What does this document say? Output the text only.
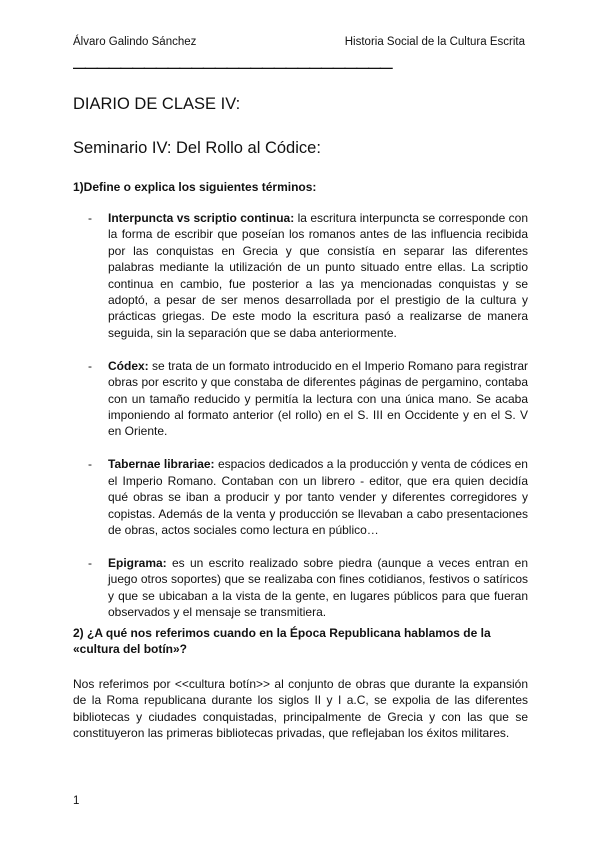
Álvaro Galindo Sánchez	Historia Social de la Cultura Escrita
———————————————————————————
DIARIO DE CLASE IV:
Seminario IV: Del Rollo al Códice:

1)Define o explica los siguientes términos:

- Interpuncta vs scriptio continua: la escritura interpuncta se corresponde con la forma de escribir que poseían los romanos antes de las influencia recibida por las conquistas en Grecia y que consistía en separar las diferentes palabras mediante la utilización de un punto situado entre ellas. La scriptio continua en cambio, fue posterior a las ya mencionadas conquistas y se adoptó, a pesar de ser menos desarrollada por el prestigio de la cultura y prácticas griegas. De este modo la escritura pasó a realizarse de manera seguida, sin la separación que se daba anteriormente.
- Códex: se trata de un formato introducido en el Imperio Romano para registrar obras por escrito y que constaba de diferentes páginas de pergamino, contaba con un tamaño reducido y permitía la lectura con una única mano. Se acaba imponiendo al formato anterior (el rollo) en el S. III en Occidente y en el S. V en Oriente.
- Tabernae librariae: espacios dedicados a la producción y venta de códices en el Imperio Romano. Contaban con un librero - editor, que era quien decidía qué obras se iban a producir y por tanto vender y diferentes corregidores y copistas. Además de la venta y producción se llevaban a cabo presentaciones de obras, actos sociales como lectura en público…
- Epigrama: es un escrito realizado sobre piedra (aunque a veces entran en juego otros soportes) que se realizaba con fines cotidianos, festivos o satíricos y que se ubicaban a la vista de la gente, en lugares públicos para que fueran observados y el mensaje se transmitiera.

2) ¿A qué nos referimos cuando en la Época Republicana hablamos de la «cultura del botín»?

Nos referimos por <<cultura botín>> al conjunto de obras que durante la expansión de la Roma republicana durante los siglos II y I a.C, se expolia de las diferentes bibliotecas y ciudades conquistadas, principalmente de Grecia y con las que se constituyeron las primeras bibliotecas privadas, que reflejaban los éxitos militares.

1
